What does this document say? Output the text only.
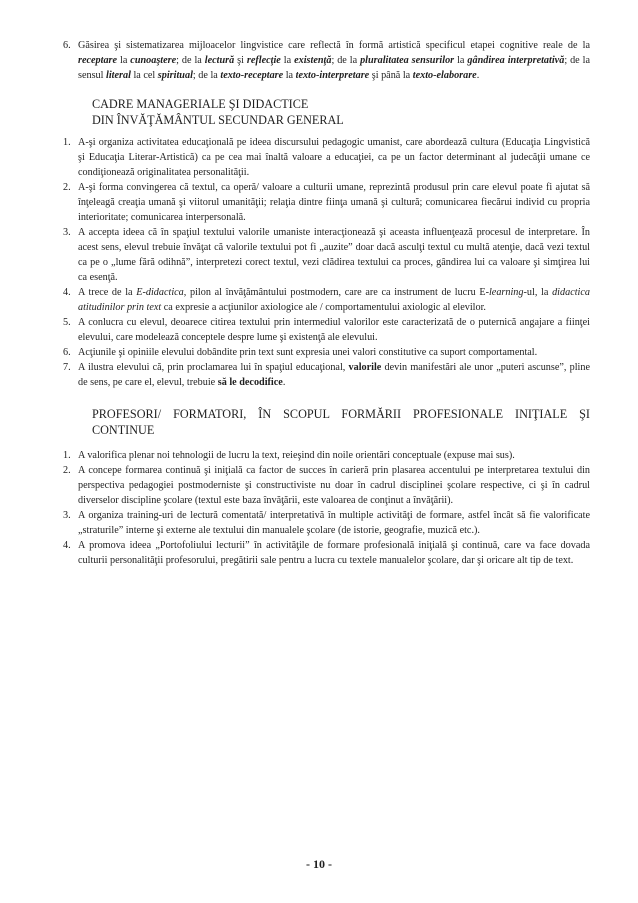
6. Găsirea şi sistematizarea mijloacelor lingvistice care reflectă în formă artistică specificul etapei cognitive reale de la receptare la cunoaştere; de la lectură şi reflecţie la existenţă; de la pluralitatea sensurilor la gândirea interpretativă; de la sensul literal la cel spiritual; de la texto-receptare la texto-interpretare şi până la texto-elaborare.
CADRE MANAGERIALE ŞI DIDACTICE
DIN ÎNVĂŢĂMÂNTUL SECUNDAR GENERAL
1. A-şi organiza activitatea educaţională pe ideea discursului pedagogic umanist, care abordează cultura (Educaţia Lingvistică şi Educaţia Literar-Artistică) ca pe cea mai înaltă valoare a educaţiei, ca pe un factor determinant al judecăţii umane ce condiţionează originalitatea personalităţii.
2. A-şi forma convingerea că textul, ca operă/ valoare a culturii umane, reprezintă produsul prin care elevul poate fi ajutat să înţeleagă creaţia umană şi viitorul umanităţii; relaţia dintre fiinţa umană şi cultură; comunicarea fiecărui individ cu propria interioritate; comunicarea interpersonală.
3. A accepta ideea că în spaţiul textului valorile umaniste interacţionează şi aceasta influenţează procesul de interpretare. În acest sens, elevul trebuie învăţat că valorile textului pot fi „auzite” doar dacă asculţi textul cu multă atenţie, dacă vezi textul ca pe o „lume fără odihnă”, interpretezi corect textul, vezi clădirea textului ca proces, gândirea lui ca valoare şi simţirea lui ca esenţă.
4. A trece de la E-didactica, pilon al învăţământului postmodern, care are ca instrument de lucru E-learning-ul, la didactica atitudinilor prin text ca expresie a acţiunilor axiologice ale / comportamentului axiologic al elevilor.
5. A conlucra cu elevul, deoarece citirea textului prin intermediul valorilor este caracterizată de o puternică angajare a fiinţei elevului, care modelează conceptele despre lume şi existenţă ale elevului.
6. Acţiunile şi opiniile elevului dobândite prin text sunt expresia unei valori constitutive ca suport comportamental.
7. A ilustra elevului că, prin proclamarea lui în spaţiul educaţional, valorile devin manifestări ale unor „puteri ascunse”, pline de sens, pe care el, elevul, trebuie să le decodifice.
PROFESORI/ FORMATORI, ÎN SCOPUL FORMĂRII PROFESIONALE INIŢIALE ŞI CONTINUE
1. A valorifica plenar noi tehnologii de lucru la text, reieşind din noile orientări conceptuale (expuse mai sus).
2. A concepe formarea continuă şi iniţială ca factor de succes în carieră prin plasarea accentului pe interpretarea textului din perspectiva pedagogiei postmoderniste şi constructiviste nu doar în cadrul disciplinei şcolare respective, ci şi în cadrul diverselor discipline şcolare (textul este baza învăţării, este valoarea de conţinut a învăţării).
3. A organiza training-uri de lectură comentată/ interpretativă în multiple activităţi de formare, astfel încât să fie valorificate „straturile” interne şi externe ale textului din manualele şcolare (de istorie, geografie, muzică etc.).
4. A promova ideea „Portofoliului lecturii” în activităţile de formare profesională iniţială şi continuă, care va face dovada culturii personalităţii profesorului, pregătirii sale pentru a lucra cu textele manualelor şcolare, dar şi oricare alt tip de text.
- 10 -
